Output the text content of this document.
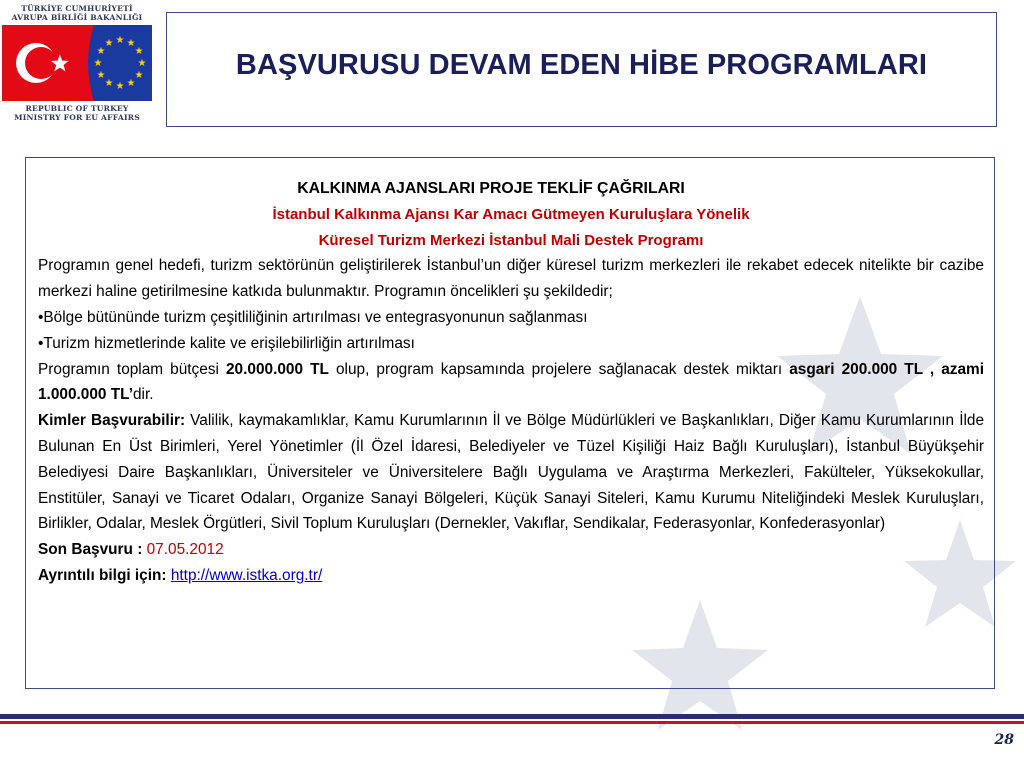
TÜRKİYE CUMHURİYETİ
AVRUPA BİRLİĞİ BAKANLIĞI
★ ★
★
★
★
★
★
★
★
★
★
★
REPUBLIC OF TURKEY
MINISTRY FOR EU AFFAIRS
BAŞVURUSU DEVAM EDEN HİBE PROGRAMLARI

KALKINMA AJANSLARI PROJE TEKLİF ÇAĞRILARI

İstanbul Kalkınma Ajansı Kar Amacı Gütmeyen Kuruluşlara Yönelik

Küresel Turizm Merkezi İstanbul Mali Destek Programı

Programın genel hedefi, turizm sektörünün geliştirilerek İstanbul’un diğer küresel turizm merkezleri ile rekabet edecek nitelikte bir cazibe merkezi haline getirilmesine katkıda bulunmaktır. Programın öncelikleri şu şekildedir;

•Bölge bütününde turizm çeşitliliğinin artırılması ve entegrasyonunun sağlanması

•Turizm hizmetlerinde kalite ve erişilebilirliğin artırılması

Programın toplam bütçesi 20.000.000 TL olup, program kapsamında projelere sağlanacak destek miktarı asgari 200.000 TL , azami 1.000.000 TL’dir.

Kimler Başvurabilir: Valilik, kaymakamlıklar, Kamu Kurumlarının İl ve Bölge Müdürlükleri ve Başkanlıkları, Diğer Kamu Kurumlarının İlde Bulunan En Üst Birimleri, Yerel Yönetimler (İl Özel İdaresi, Belediyeler ve Tüzel Kişiliği Haiz Bağlı Kuruluşları), İstanbul Büyükşehir Belediyesi Daire Başkanlıkları, Üniversiteler ve Üniversitelere Bağlı Uygulama ve Araştırma Merkezleri, Fakülteler, Yüksekokullar, Enstitüler, Sanayi ve Ticaret Odaları, Organize Sanayi Bölgeleri, Küçük Sanayi Siteleri, Kamu Kurumu Niteliğindeki Meslek Kuruluşları, Birlikler, Odalar, Meslek Örgütleri, Sivil Toplum Kuruluşları (Dernekler, Vakıflar, Sendikalar, Federasyonlar, Konfederasyonlar)

Son Başvuru : 07.05.2012

Ayrıntılı bilgi için: http://www.istka.org.tr/

28
